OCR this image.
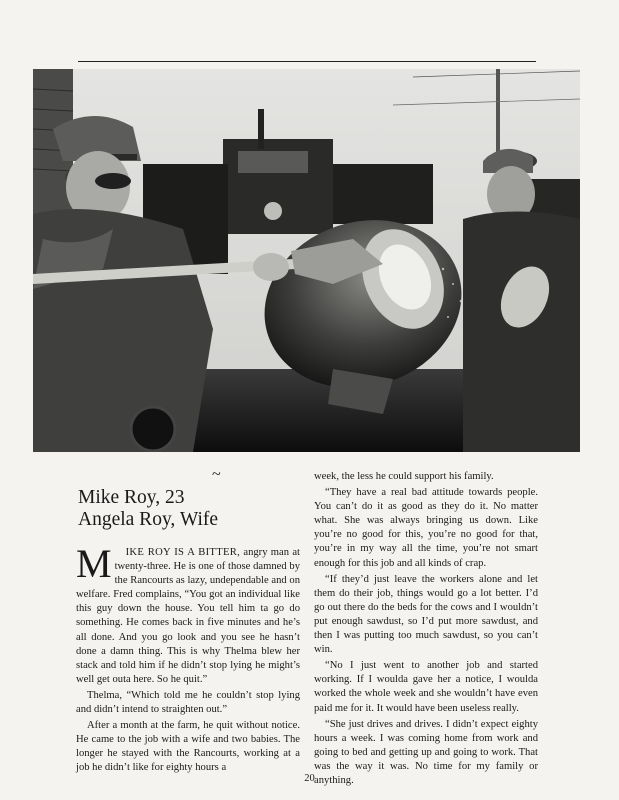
~
Mike Roy, 23
Angela Roy, Wife

M IKE ROY IS A BITTER, angry man at twenty-three. He is one of those damned by the Rancourts as lazy, undependable and on welfare. Fred complains, “You got an individual like this guy down the house. You tell him ta go do something. He comes back in five minutes and he’s all done. And you go look and you see he hasn’t done a damn thing. This is why Thelma blew her stack and told him if he didn’t stop lying he might’s well get outa here. So he quit.”

Thelma, “Which told me he couldn’t stop lying and didn’t intend to straighten out.”

After a month at the farm, he quit without notice. He came to the job with a wife and two babies. The longer he stayed with the Rancourts, working at a job he didn’t like for eighty hours a

week, the less he could support his family.

“They have a real bad attitude towards people. You can’t do it as good as they do it. No matter what. She was always bringing us down. Like you’re no good for this, you’re no good for that, you’re in my way all the time, you’re not smart enough for this job and all kinds of crap.

“If they’d just leave the workers alone and let them do their job, things would go a lot better. I’d go out there do the beds for the cows and I wouldn’t put enough sawdust, so I’d put more sawdust, and then I was putting too much sawdust, so you can’t win.

“No I just went to another job and started working. If I woulda gave her a notice, I woulda worked the whole week and she wouldn’t have even paid me for it. It would have been useless really.

“She just drives and drives. I didn’t expect eighty hours a week. I was coming home from work and going to bed and getting up and going to work. That was the way it was. No time for my family or anything.

20
